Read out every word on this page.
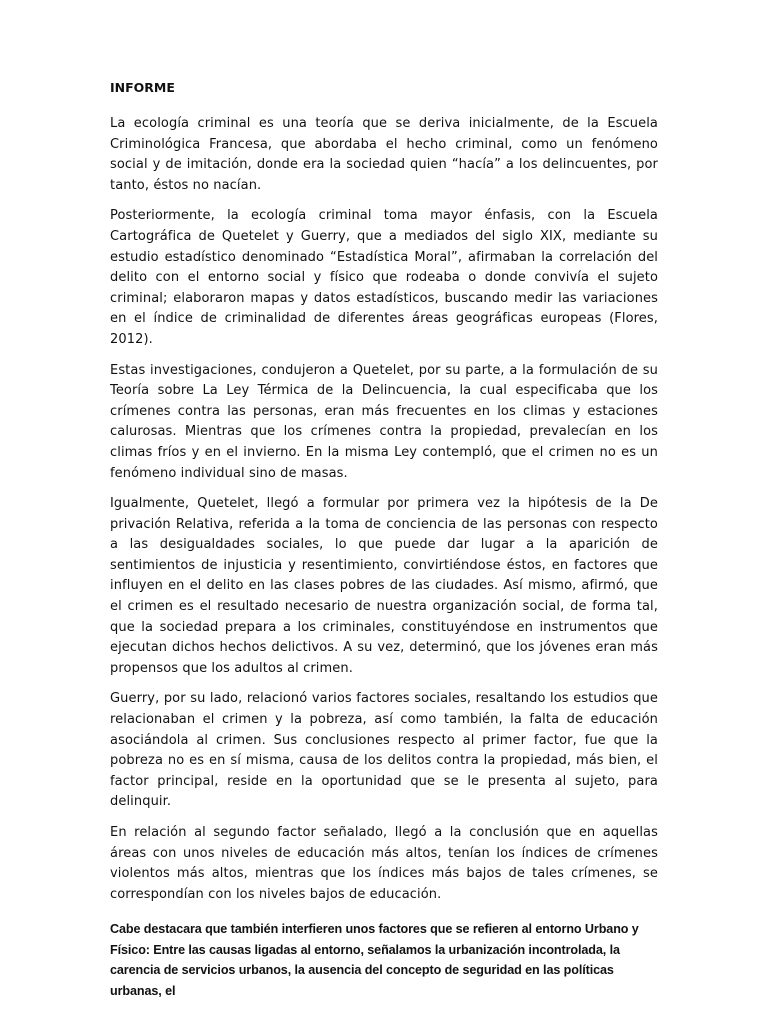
INFORME

La ecología criminal es una teoría que se deriva inicialmente, de la Escuela Criminológica Francesa, que abordaba el hecho criminal, como un fenómeno social y de imitación, donde era la sociedad quien “hacía” a los delincuentes, por tanto, éstos no nacían.

Posteriormente, la ecología criminal toma mayor énfasis, con la Escuela Cartográfica de Quetelet y Guerry, que a mediados del siglo XIX, mediante su estudio estadístico denominado “Estadística Moral”, afirmaban la correlación del delito con el entorno social y físico que rodeaba o donde convivía el sujeto criminal; elaboraron mapas y datos estadísticos, buscando medir las variaciones en el índice de criminalidad de diferentes áreas geográficas europeas (Flores, 2012).

Estas investigaciones, condujeron a Quetelet, por su parte, a la formulación de su Teoría sobre La Ley Térmica de la Delincuencia, la cual especificaba que los crímenes contra las personas, eran más frecuentes en los climas y estaciones calurosas. Mientras que los crímenes contra la propiedad, prevalecían en los climas fríos y en el invierno. En la misma Ley contempló, que el crimen no es un fenómeno individual sino de masas.

Igualmente, Quetelet, llegó a formular por primera vez la hipótesis de la De privación Relativa, referida a la toma de conciencia de las personas con respecto a las desigualdades sociales, lo que puede dar lugar a la aparición de sentimientos de injusticia y resentimiento, convirtiéndose éstos, en factores que influyen en el delito en las clases pobres de las ciudades. Así mismo, afirmó, que el crimen es el resultado necesario de nuestra organización social, de forma tal, que la sociedad prepara a los criminales, constituyéndose en instrumentos que ejecutan dichos hechos delictivos. A su vez, determinó, que los jóvenes eran más propensos que los adultos al crimen.

Guerry, por su lado, relacionó varios factores sociales, resaltando los estudios que relacionaban el crimen y la pobreza, así como también, la falta de educación asociándola al crimen. Sus conclusiones respecto al primer factor, fue que la pobreza no es en sí misma, causa de los delitos contra la propiedad, más bien, el factor principal, reside en la oportunidad que se le presenta al sujeto, para delinquir.

En relación al segundo factor señalado, llegó a la conclusión que en aquellas áreas con unos niveles de educación más altos, tenían los índices de crímenes violentos más altos, mientras que los índices más bajos de tales crímenes, se correspondían con los niveles bajos de educación.

Cabe destacara que también interfieren unos factores que se refieren al entorno Urbano y Físico: Entre las causas ligadas al entorno, señalamos la urbanización incontrolada, la carencia de servicios urbanos, la ausencia del concepto de seguridad en las políticas urbanas, el
